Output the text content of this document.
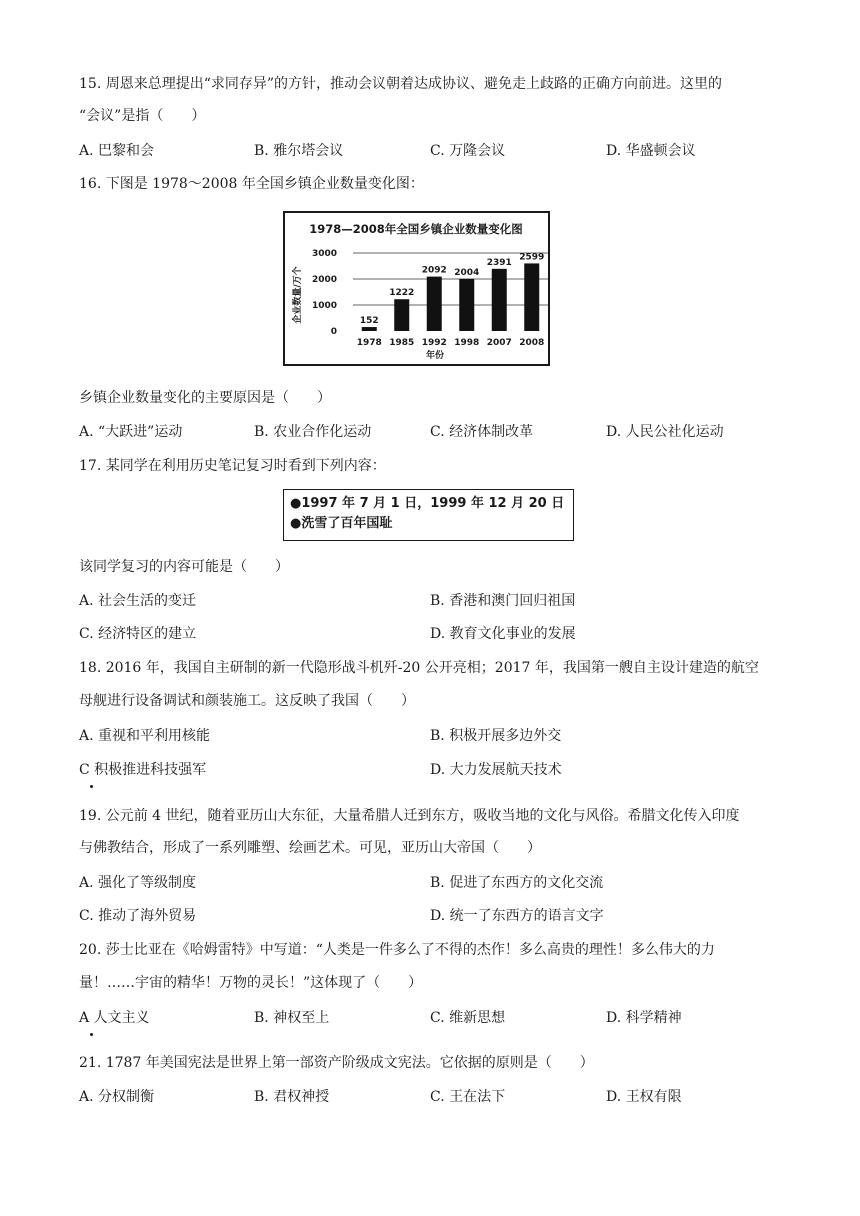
15. 周恩来总理提出“求同存异”的方针，推动会议朝着达成协议、避免走上歧路的正确方向前进。这里的
“会议”是指（　　）
A. 巴黎和会	B. 雅尔塔会议	C. 万隆会议	D. 华盛顿会议
16. 下图是 1978～2008 年全国乡镇企业数量变化图：
1978—2008年全国乡镇企业数量变化图
企业数量/万个
年份
0
1000
2000
3000
152
1978
1222
1985
2092
1992
2004
1998
2391
2007
2599
2008
乡镇企业数量变化的主要原因是（　　）
A. “大跃进”运动	B. 农业合作化运动	C. 经济体制改革	D. 人民公社化运动
17. 某同学在利用历史笔记复习时看到下列内容：
●1997 年 7 月 1 日，1999 年 12 月 20 日
●洗雪了百年国耻
该同学复习的内容可能是（　　）
A. 社会生活的变迁	B. 香港和澳门回归祖国
C. 经济特区的建立	D. 教育文化事业的发展
18. 2016 年，我国自主研制的新一代隐形战斗机歼-20 公开亮相；2017 年，我国第一艘自主设计建造的航空
母舰进行设备调试和颜装施工。这反映了我国（　　）
A. 重视和平利用核能	B. 积极开展多边外交
C 积极推进科技强军	D. 大力发展航天技术
19. 公元前 4 世纪，随着亚历山大东征，大量希腊人迁到东方，吸收当地的文化与风俗。希腊文化传入印度
与佛教结合，形成了一系列雕塑、绘画艺术。可见，亚历山大帝国（　　）
A. 强化了等级制度	B. 促进了东西方的文化交流
C. 推动了海外贸易	D. 统一了东西方的语言文字
20. 莎士比亚在《哈姆雷特》中写道：“人类是一件多么了不得的杰作！多么高贵的理性！多么伟大的力
量！……宇宙的精华！万物的灵长！”这体现了（　　）
A 人文主义	B. 神权至上	C. 维新思想	D. 科学精神
21. 1787 年美国宪法是世界上第一部资产阶级成文宪法。它依据的原则是（　　）
A. 分权制衡	B. 君权神授	C. 王在法下	D. 王权有限
